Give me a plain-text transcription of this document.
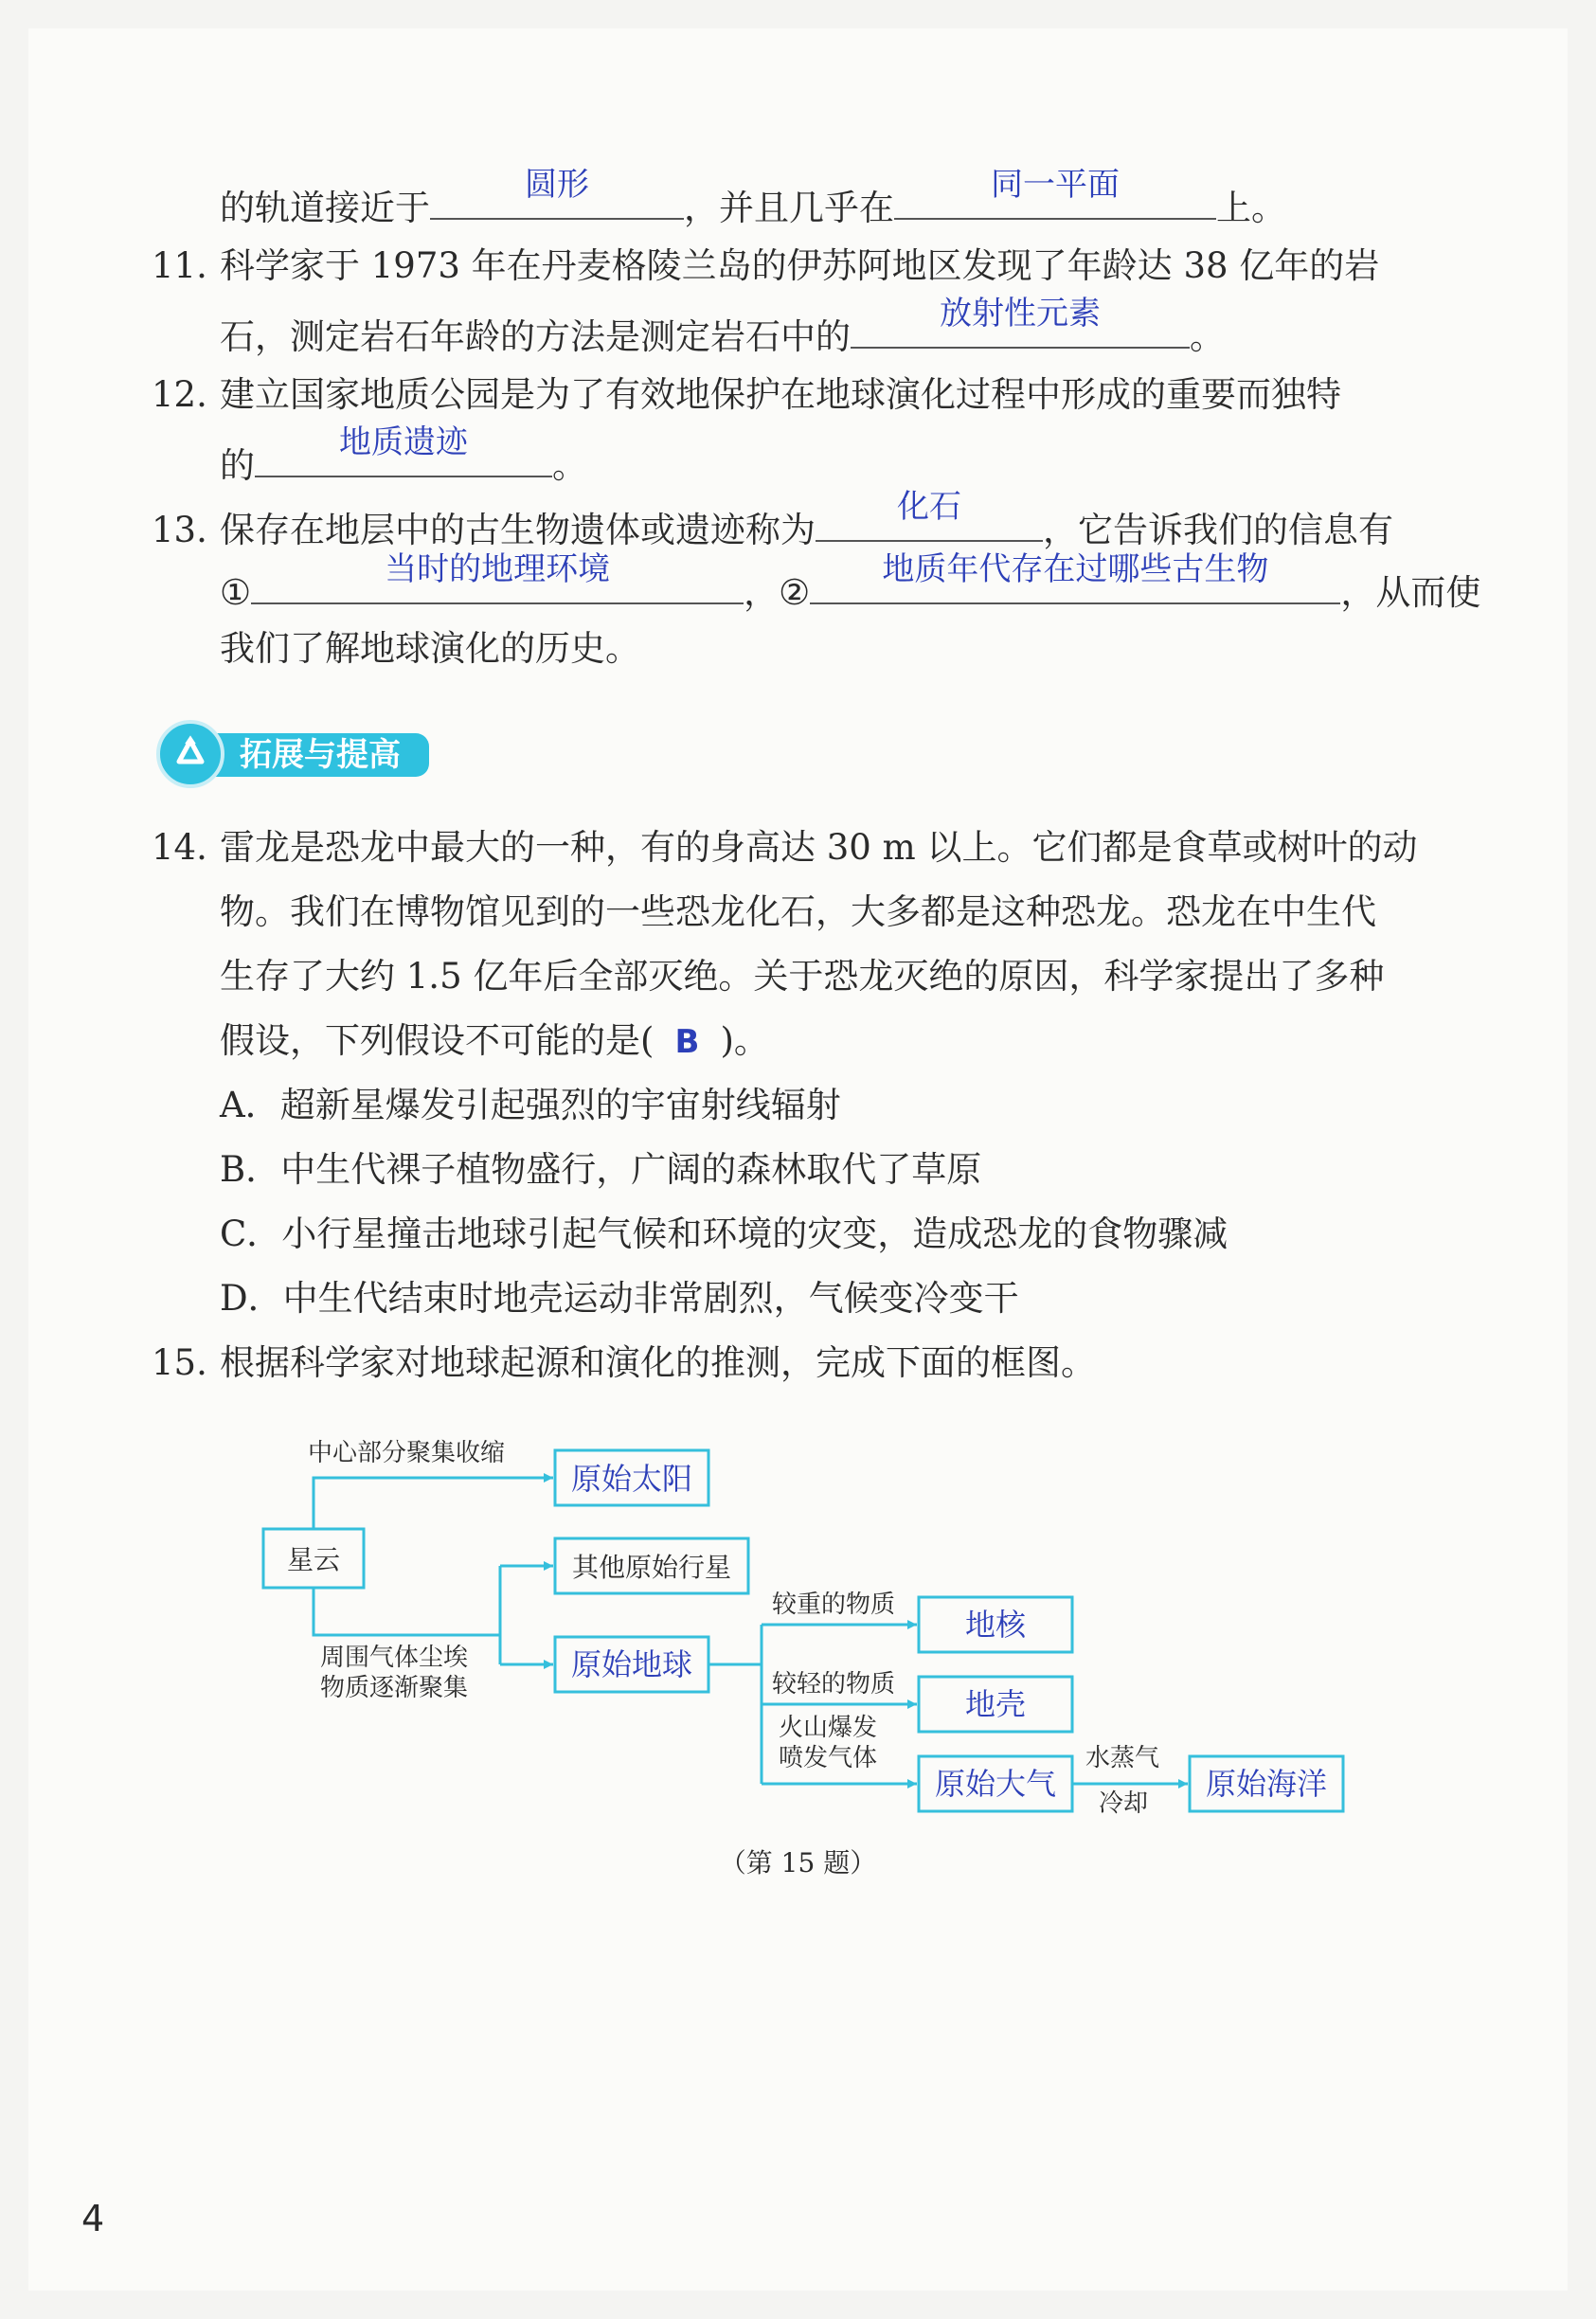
的轨道接近于
圆形
，并且几乎在
同一平面
上。
11. 科学家于 1973 年在丹麦格陵兰岛的伊苏阿地区发现了年龄达 38 亿年的岩
石，测定岩石年龄的方法是测定岩石中的
放射性元素
。
12. 建立国家地质公园是为了有效地保护在地球演化过程中形成的重要而独特
的
地质遗迹
。
13. 保存在地层中的古生物遗体或遗迹称为
化石
，它告诉我们的信息有
①
当时的地理环境
，②
地质年代存在过哪些古生物
，从而使
我们了解地球演化的历史。
拓展与提高
14. 雷龙是恐龙中最大的一种，有的身高达 30 m 以上。它们都是食草或树叶的动
物。我们在博物馆见到的一些恐龙化石，大多都是这种恐龙。恐龙在中生代
生存了大约 1.5 亿年后全部灭绝。关于恐龙灭绝的原因，科学家提出了多种
假设，下列假设不可能的是( B )。
A．超新星爆发引起强烈的宇宙射线辐射
B．中生代裸子植物盛行，广阔的森林取代了草原
C．小行星撞击地球引起气候和环境的灾变，造成恐龙的食物骤减
D．中生代结束时地壳运动非常剧烈，气候变冷变干
15. 根据科学家对地球起源和演化的推测，完成下面的框图。
星云
中心部分聚集收缩
原始太阳
其他原始行星
周围气体尘埃
物质逐渐聚集
原始地球
较重的物质
地核
较轻的物质
地壳
火山爆发
喷发气体
原始大气
水蒸气
冷却
原始海洋
（第 15 题）
4
